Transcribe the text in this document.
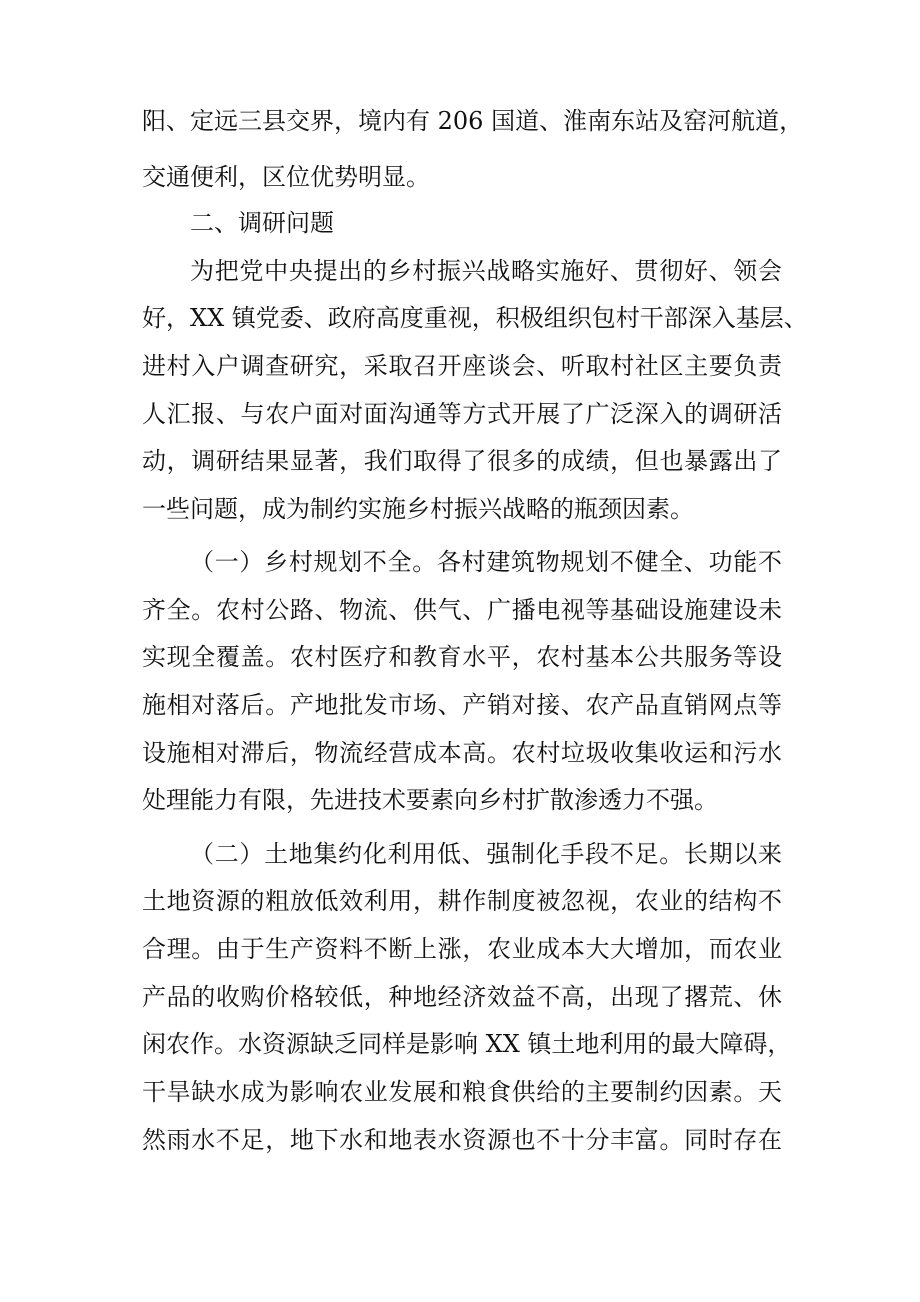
阳、定远三县交界，境内有 206 国道、淮南东站及窑河航道，
交通便利，区位优势明显。
二、调研问题
为把党中央提出的乡村振兴战略实施好、贯彻好、领会
好，XX 镇党委、政府高度重视，积极组织包村干部深入基层、
进村入户调查研究，采取召开座谈会、听取村社区主要负责
人汇报、与农户面对面沟通等方式开展了广泛深入的调研活
动，调研结果显著，我们取得了很多的成绩，但也暴露出了
一些问题，成为制约实施乡村振兴战略的瓶颈因素。
（一）乡村规划不全。各村建筑物规划不健全、功能不
齐全。农村公路、物流、供气、广播电视等基础设施建设未
实现全覆盖。农村医疗和教育水平，农村基本公共服务等设
施相对落后。产地批发市场、产销对接、农产品直销网点等
设施相对滞后，物流经营成本高。农村垃圾收集收运和污水
处理能力有限，先进技术要素向乡村扩散渗透力不强。
（二）土地集约化利用低、强制化手段不足。长期以来
土地资源的粗放低效利用，耕作制度被忽视，农业的结构不
合理。由于生产资料不断上涨，农业成本大大增加，而农业
产品的收购价格较低，种地经济效益不高，出现了撂荒、休
闲农作。水资源缺乏同样是影响 XX 镇土地利用的最大障碍，
干旱缺水成为影响农业发展和粮食供给的主要制约因素。天
然雨水不足，地下水和地表水资源也不十分丰富。同时存在
